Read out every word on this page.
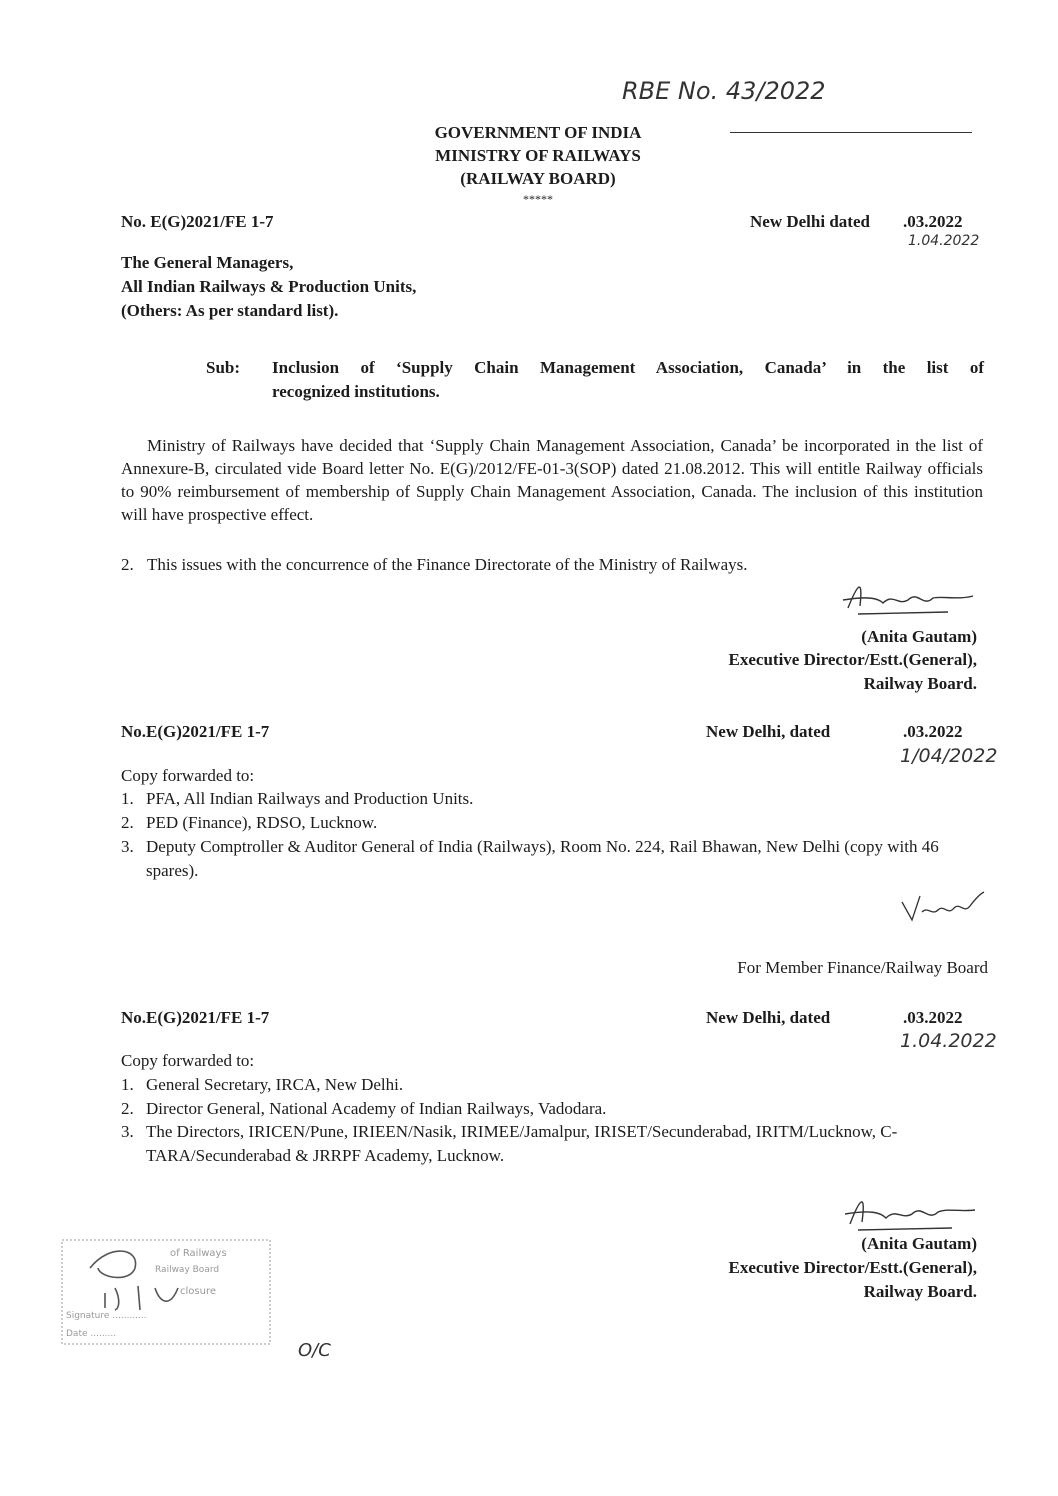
RBE No. 43/2022
GOVERNMENT OF INDIA
MINISTRY OF RAILWAYS
(RAILWAY BOARD)
*****
No. E(G)2021/FE 1-7	New Delhi dated .03.2022
1.04.2022
The General Managers,
All Indian Railways & Production Units,
(Others: As per standard list).
Sub: Inclusion of ‘Supply Chain Management Association, Canada’ in the list of
recognized institutions.
Ministry of Railways have decided that ‘Supply Chain Management Association, Canada’ be incorporated in the list of Annexure-B, circulated vide Board letter No. E(G)/2012/FE-01-3(SOP) dated 21.08.2012. This will entitle Railway officials to 90% reimbursement of membership of Supply Chain Management Association, Canada. The inclusion of this institution will have prospective effect.
2. This issues with the concurrence of the Finance Directorate of the Ministry of Railways.
(Anita Gautam)
Executive Director/Estt.(General),
Railway Board.
No.E(G)2021/FE 1-7	New Delhi, dated	.03.2022
1/04/2022
Copy forwarded to:
1. PFA, All Indian Railways and Production Units.
2. PED (Finance), RDSO, Lucknow.
3. Deputy Comptroller & Auditor General of India (Railways), Room No. 224, Rail Bhawan, New Delhi (copy with 46 spares).
For Member Finance/Railway Board
No.E(G)2021/FE 1-7	New Delhi, dated	.03.2022
1.04.2022
Copy forwarded to:
1. General Secretary, IRCA, New Delhi.
2. Director General, National Academy of Indian Railways, Vadodara.
3. The Directors, IRICEN/Pune, IRIEEN/Nasik, IRIMEE/Jamalpur, IRISET/Secunderabad, IRITM/Lucknow, C-TARA/Secunderabad & JRRPF Academy, Lucknow.
(Anita Gautam)
Executive Director/Estt.(General),
Railway Board.
of Railways
Railway Board
closure
Signature ............
Date .........
O/C
